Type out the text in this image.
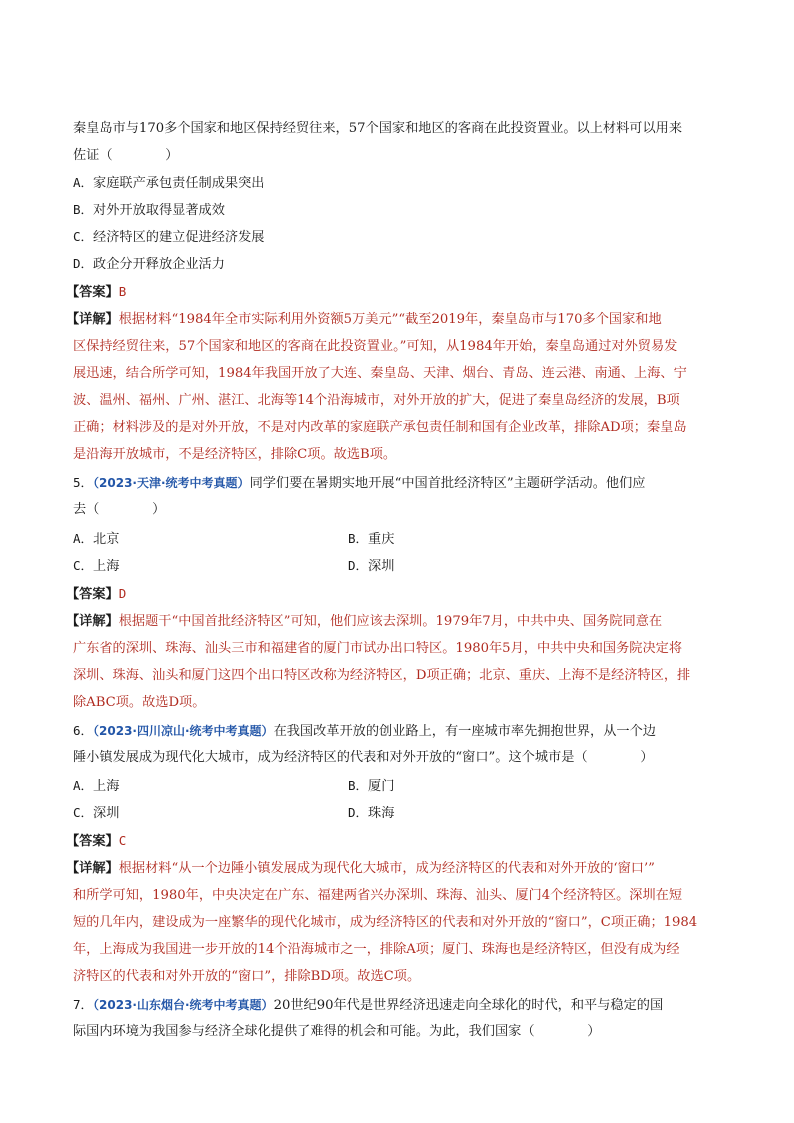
秦皇岛市与170多个国家和地区保持经贸往来，57个国家和地区的客商在此投资置业。以上材料可以用来
佐证（　　　　）
A．家庭联产承包责任制成果突出
B．对外开放取得显著成效
C．经济特区的建立促进经济发展
D．政企分开释放企业活力
【答案】B
【详解】根据材料“1984年全市实际利用外资额5万美元”“截至2019年，秦皇岛市与170多个国家和地
区保持经贸往来，57个国家和地区的客商在此投资置业。”可知，从1984年开始，秦皇岛通过对外贸易发
展迅速，结合所学可知，1984年我国开放了大连、秦皇岛、天津、烟台、青岛、连云港、南通、上海、宁
波、温州、福州、广州、湛江、北海等14个沿海城市，对外开放的扩大，促进了秦皇岛经济的发展，B项
正确；材料涉及的是对外开放，不是对内改革的家庭联产承包责任制和国有企业改革，排除AD项；秦皇岛
是沿海开放城市，不是经济特区，排除C项。故选B项。
5．（2023·天津·统考中考真题）同学们要在暑期实地开展“中国首批经济特区”主题研学活动。他们应
去（　　　　）
A．北京	B．重庆
C．上海	D．深圳
【答案】D
【详解】根据题干“中国首批经济特区”可知，他们应该去深圳。1979年7月，中共中央、国务院同意在
广东省的深圳、珠海、汕头三市和福建省的厦门市试办出口特区。1980年5月，中共中央和国务院决定将
深圳、珠海、汕头和厦门这四个出口特区改称为经济特区，D项正确；北京、重庆、上海不是经济特区，排
除ABC项。故选D项。
6．（2023·四川凉山·统考中考真题）在我国改革开放的创业路上，有一座城市率先拥抱世界，从一个边
陲小镇发展成为现代化大城市，成为经济特区的代表和对外开放的“窗口”。这个城市是（　　　　）
A．上海	B．厦门
C．深圳	D．珠海
【答案】C
【详解】根据材料“从一个边陲小镇发展成为现代化大城市，成为经济特区的代表和对外开放的‘窗口’”
和所学可知，1980年，中央决定在广东、福建两省兴办深圳、珠海、汕头、厦门4个经济特区。深圳在短
短的几年内，建设成为一座繁华的现代化城市，成为经济特区的代表和对外开放的“窗口”，C项正确；1984
年，上海成为我国进一步开放的14个沿海城市之一，排除A项；厦门、珠海也是经济特区，但没有成为经
济特区的代表和对外开放的“窗口”，排除BD项。故选C项。
7．（2023·山东烟台·统考中考真题）20世纪90年代是世界经济迅速走向全球化的时代，和平与稳定的国
际国内环境为我国参与经济全球化提供了难得的机会和可能。为此，我们国家（　　　　）
